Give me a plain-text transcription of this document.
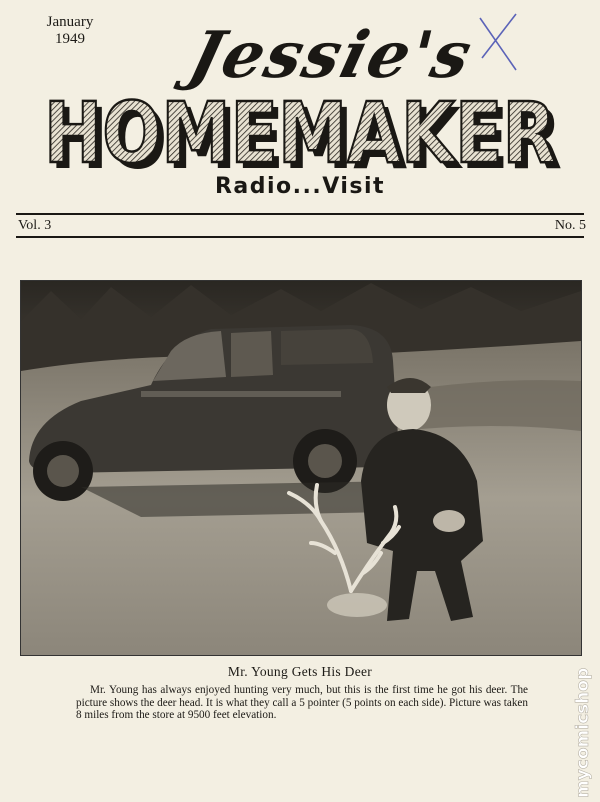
January
1949 Jessie's
HOMEMAKER
HOMEMAKER
Radio...Visit
Vol. 3	No. 5
Mr. Young Gets His Deer
Mr. Young has always enjoyed hunting very much, but this is the first time he got his deer. The picture shows the deer head. It is what they call a 5 pointer (5 points on each side). Picture was taken 8 miles from the store at 9500 feet elevation.	mycomicshop
